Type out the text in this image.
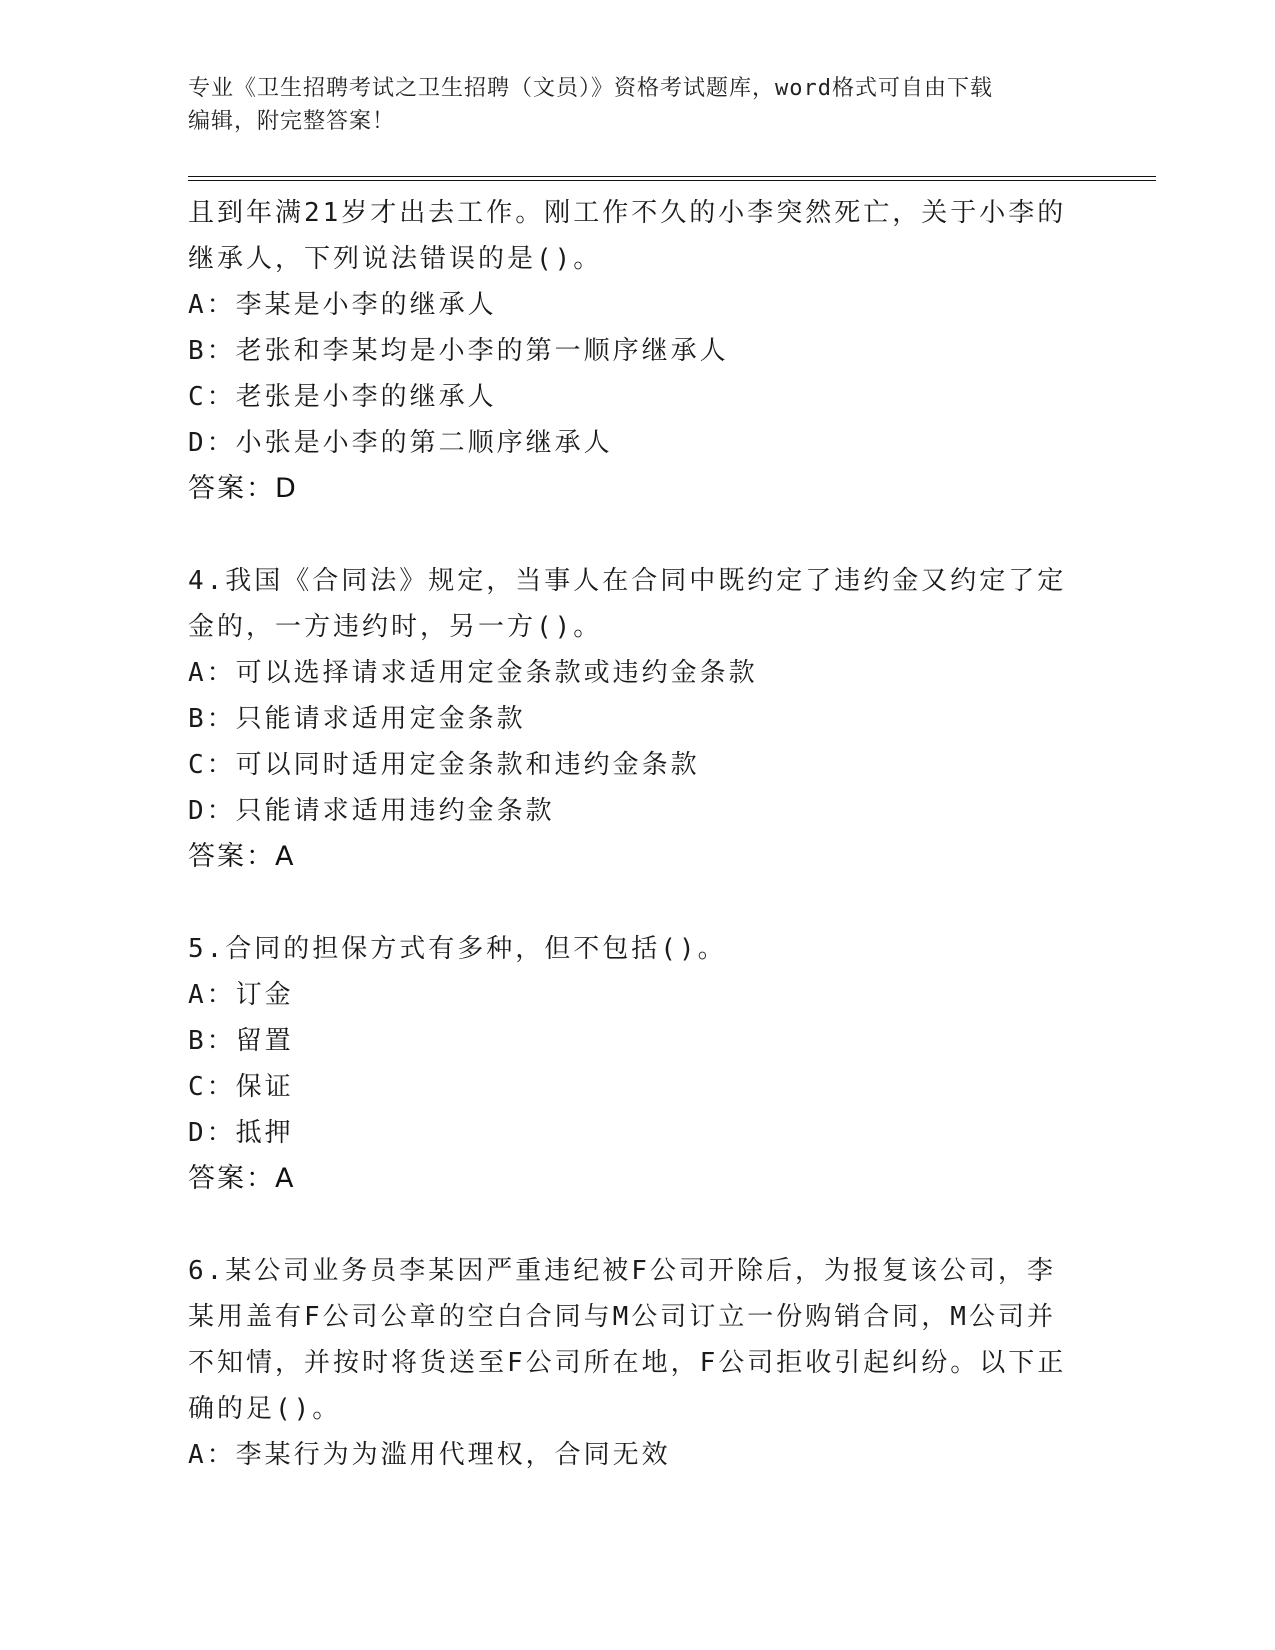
专业《卫生招聘考试之卫生招聘（文员）》资格考试题库，word格式可自由下载
编辑，附完整答案！
且到年满21岁才出去工作。刚工作不久的小李突然死亡，关于小李的
继承人，下列说法错误的是()。
A：李某是小李的继承人
B：老张和李某均是小李的第一顺序继承人
C：老张是小李的继承人
D：小张是小李的第二顺序继承人
答案：D
4.我国《合同法》规定，当事人在合同中既约定了违约金又约定了定
金的，一方违约时，另一方()。
A：可以选择请求适用定金条款或违约金条款
B：只能请求适用定金条款
C：可以同时适用定金条款和违约金条款
D：只能请求适用违约金条款
答案：A
5.合同的担保方式有多种，但不包括()。
A：订金
B：留置
C：保证
D：抵押
答案：A
6.某公司业务员李某因严重违纪被F公司开除后，为报复该公司，李
某用盖有F公司公章的空白合同与M公司订立一份购销合同，M公司并
不知情，并按时将货送至F公司所在地，F公司拒收引起纠纷。以下正
确的足()。
A：李某行为为滥用代理权，合同无效
